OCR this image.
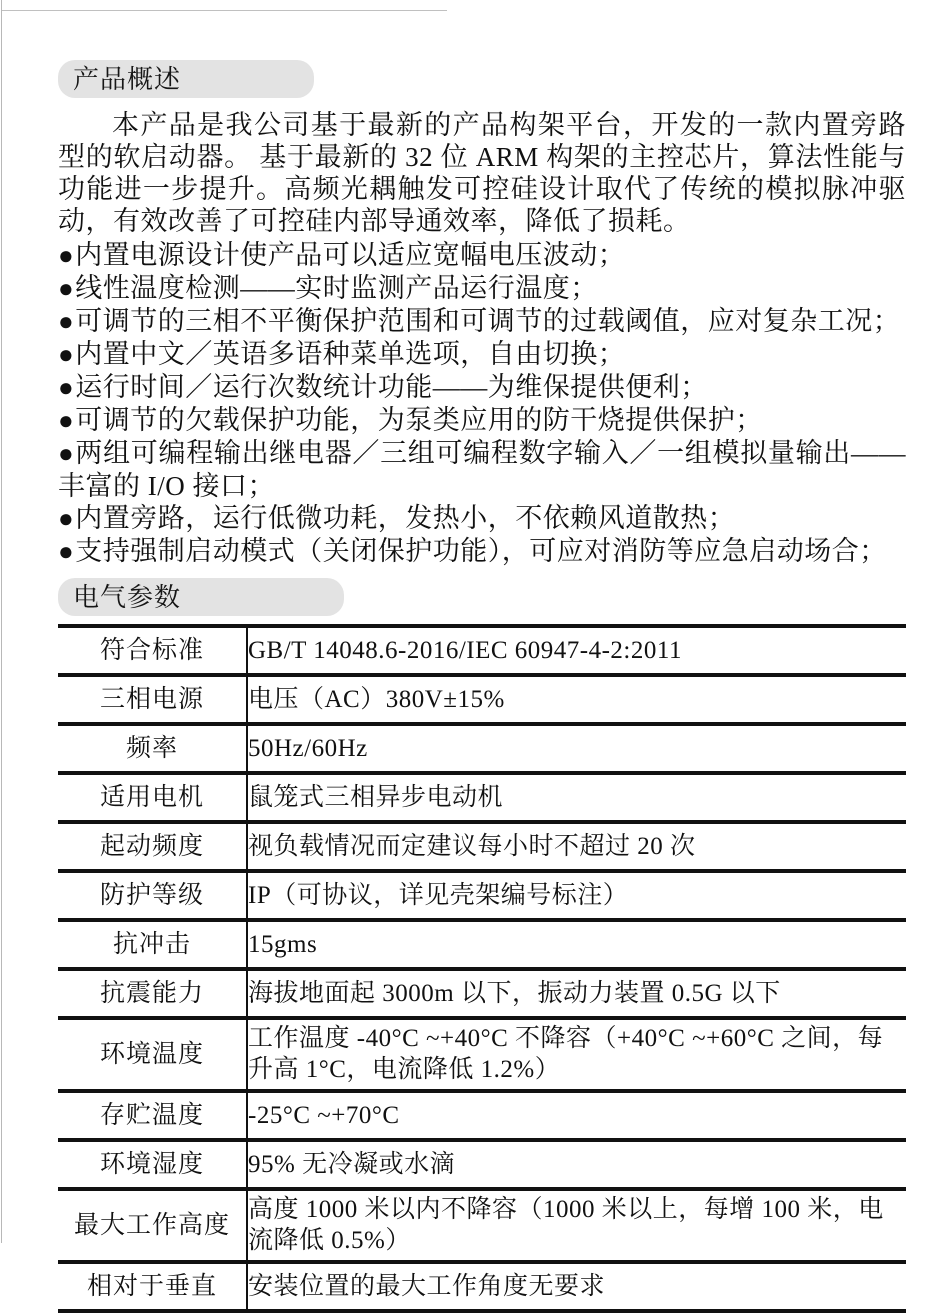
产品概述

本产品是我公司基于最新的产品构架平台，开发的一款内置旁路型的软启动器。 基于最新的 32 位 ARM 构架的主控芯片，算法性能与功能进一步提升。高频光耦触发可控硅设计取代了传统的模拟脉冲驱动，有效改善了可控硅内部导通效率，降低了损耗。

●内置电源设计使产品可以适应宽幅电压波动；
●线性温度检测——实时监测产品运行温度；
●可调节的三相不平衡保护范围和可调节的过载阈值，应对复杂工况；
●内置中文／英语多语种菜单选项，自由切换；
●运行时间／运行次数统计功能——为维保提供便利；
●可调节的欠载保护功能，为泵类应用的防干烧提供保护；
●两组可编程输出继电器／三组可编程数字输入／一组模拟量输出——丰富的 I/O 接口；
●内置旁路，运行低微功耗，发热小，不依赖风道散热；
●支持强制启动模式（关闭保护功能），可应对消防等应急启动场合；
电气参数
符合标准	GB/T 14048.6-2016/IEC 60947-4-2:2011
三相电源	电压（AC）380V±15%
频率	50Hz/60Hz
适用电机	鼠笼式三相异步电动机
起动频度	视负载情况而定建议每小时不超过 20 次
防护等级	IP（可协议，详见壳架编号标注）
抗冲击	15gms
抗震能力	海拔地面起 3000m 以下，振动力装置 0.5G 以下
环境温度	工作温度 -40°C ~+40°C 不降容（+40°C ~+60°C 之间，每升高 1°C，电流降低 1.2%）
存贮温度	-25°C ~+70°C
环境湿度	95% 无冷凝或水滴
最大工作高度	高度 1000 米以内不降容（1000 米以上，每增 100 米，电流降低 0.5%）
相对于垂直	安装位置的最大工作角度无要求
